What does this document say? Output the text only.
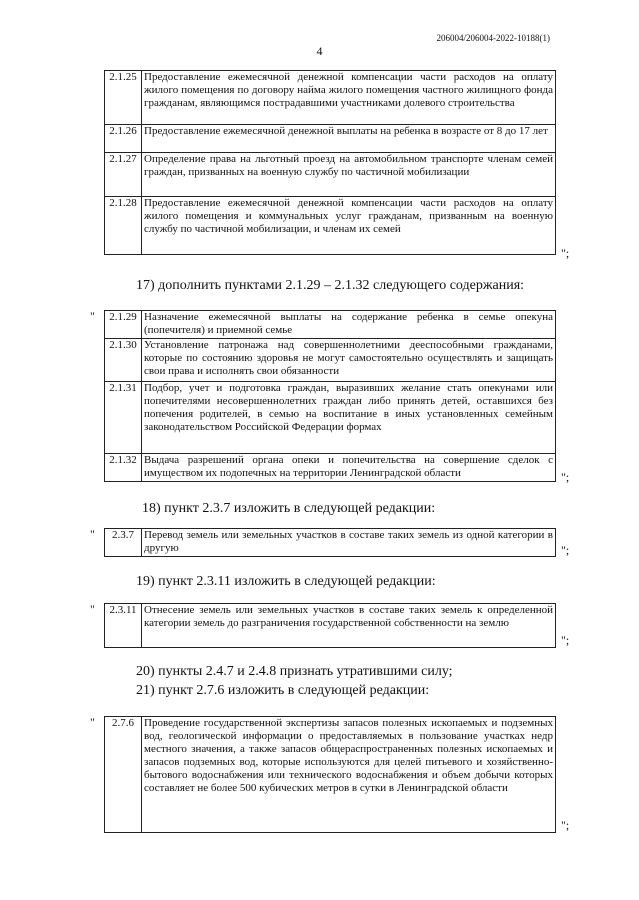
206004/206004-2022-10188(1)
4
2.1.25	Предоставление ежемесячной денежной компенсации части расходов на оплату жилого помещения по договору найма жилого помещения частного жилищного фонда гражданам, являющимся пострадавшими участниками долевого строительства
2.1.26	Предоставление ежемесячной денежной выплаты на ребенка в возрасте от 8 до 17 лет
2.1.27	Определение права на льготный проезд на автомобильном транспорте членам семей граждан, призванных на военную службу по частичной мобилизации
2.1.28	Предоставление ежемесячной денежной компенсации части расходов на оплату жилого помещения и коммунальных услуг гражданам, призванным на военную службу по частичной мобилизации, и членам их семей
";
17) дополнить пунктами 2.1.29 – 2.1.32 следующего содержания:
" 2.1.29	Назначение ежемесячной выплаты на содержание ребенка в семье опекуна (попечителя) и приемной семье
2.1.30	Установление патронажа над совершеннолетними дееспособными гражданами, которые по состоянию здоровья не могут самостоятельно осуществлять и защищать свои права и исполнять свои обязанности
2.1.31	Подбор, учет и подготовка граждан, выразивших желание стать опекунами или попечителями несовершеннолетних граждан либо принять детей, оставшихся без попечения родителей, в семью на воспитание в иных установленных семейным законодательством Российской Федерации формах
2.1.32	Выдача разрешений органа опеки и попечительства на совершение сделок с имуществом их подопечных на территории Ленинградской области	";
18) пункт 2.3.7 изложить в следующей редакции:
" 2.3.7	Перевод земель или земельных участков в составе таких земель из одной категории в другую	";
19) пункт 2.3.11 изложить в следующей редакции:
" 2.3.11	Отнесение земель или земельных участков в составе таких земель к определенной категории земель до разграничения государственной собственности на землю
";
20) пункты 2.4.7 и 2.4.8 признать утратившими силу;
21) пункт 2.7.6 изложить в следующей редакции:
" 2.7.6	Проведение государственной экспертизы запасов полезных ископаемых и подземных вод, геологической информации о предоставляемых в пользование участках недр местного значения, а также запасов общераспространенных полезных ископаемых и запасов подземных вод, которые используются для целей питьевого и хозяйственно-бытового водоснабжения или технического водоснабжения и объем добычи которых составляет не более 500 кубических метров в сутки в Ленинградской области
";
